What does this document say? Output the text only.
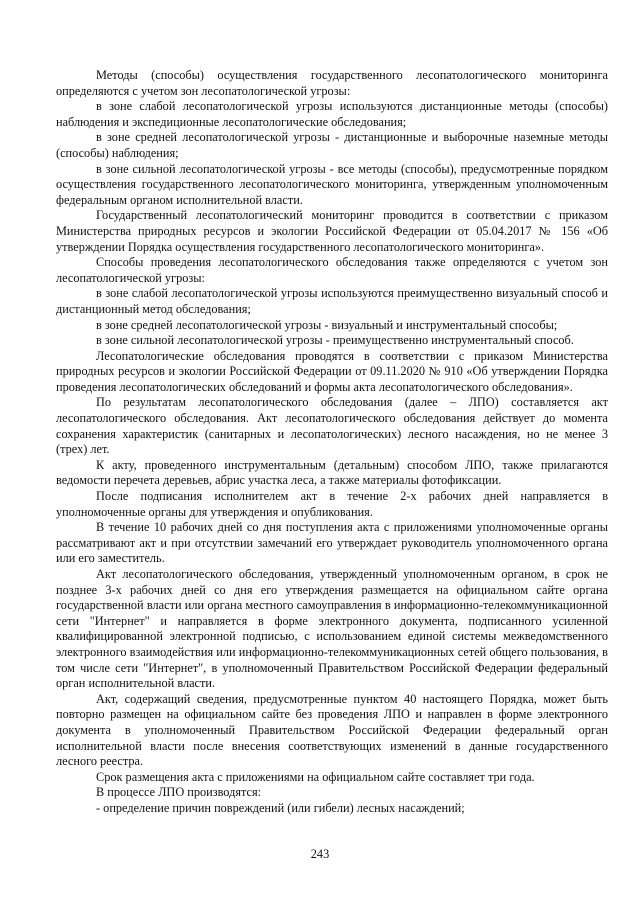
Методы (способы) осуществления государственного лесопатологического мониторинга определяются с учетом зон лесопатологической угрозы:

в зоне слабой лесопатологической угрозы используются дистанционные методы (способы) наблюдения и экспедиционные лесопатологические обследования;

в зоне средней лесопатологической угрозы - дистанционные и выборочные наземные методы (способы) наблюдения;

в зоне сильной лесопатологической угрозы - все методы (способы), предусмотренные порядком осуществления государственного лесопатологического мониторинга, утвержденным уполномоченным федеральным органом исполнительной власти.

Государственный лесопатологический мониторинг проводится в соответствии с приказом Министерства природных ресурсов и экологии Российской Федерации от 05.04.2017 № 156 «Об утверждении Порядка осуществления государственного лесопатологического мониторинга».

Способы проведения лесопатологического обследования также определяются с учетом зон лесопатологической угрозы:

в зоне слабой лесопатологической угрозы используются преимущественно визуальный способ и дистанционный метод обследования;

в зоне средней лесопатологической угрозы - визуальный и инструментальный способы;

в зоне сильной лесопатологической угрозы - преимущественно инструментальный способ.

Лесопатологические обследования проводятся в соответствии с приказом Министерства природных ресурсов и экологии Российской Федерации от 09.11.2020 № 910 «Об утверждении Порядка проведения лесопатологических обследований и формы акта лесопатологического обследования».

По результатам лесопатологического обследования (далее – ЛПО) составляется акт лесопатологического обследования. Акт лесопатологического обследования действует до момента сохранения характеристик (санитарных и лесопатологических) лесного насаждения, но не менее 3 (трех) лет.

К акту, проведенного инструментальным (детальным) способом ЛПО, также прилагаются ведомости перечета деревьев, абрис участка леса, а также материалы фотофиксации.

После подписания исполнителем акт в течение 2-х рабочих дней направляется в уполномоченные органы для утверждения и опубликования.

В течение 10 рабочих дней со дня поступления акта с приложениями уполномоченные органы рассматривают акт и при отсутствии замечаний его утверждает руководитель уполномоченного органа или его заместитель.

Акт лесопатологического обследования, утвержденный уполномоченным органом, в срок не позднее 3-х рабочих дней со дня его утверждения размещается на официальном сайте органа государственной власти или органа местного самоуправления в информационно-телекоммуникационной сети "Интернет" и направляется в форме электронного документа, подписанного усиленной квалифицированной электронной подписью, с использованием единой системы межведомственного электронного взаимодействия или информационно-телекоммуникационных сетей общего пользования, в том числе сети "Интернет", в уполномоченный Правительством Российской Федерации федеральный орган исполнительной власти.

Акт, содержащий сведения, предусмотренные пунктом 40 настоящего Порядка, может быть повторно размещен на официальном сайте без проведения ЛПО и направлен в форме электронного документа в уполномоченный Правительством Российской Федерации федеральный орган исполнительной власти после внесения соответствующих изменений в данные государственного лесного реестра.

Срок размещения акта с приложениями на официальном сайте составляет три года.

В процессе ЛПО производятся:

- определение причин повреждений (или гибели) лесных насаждений;

243
